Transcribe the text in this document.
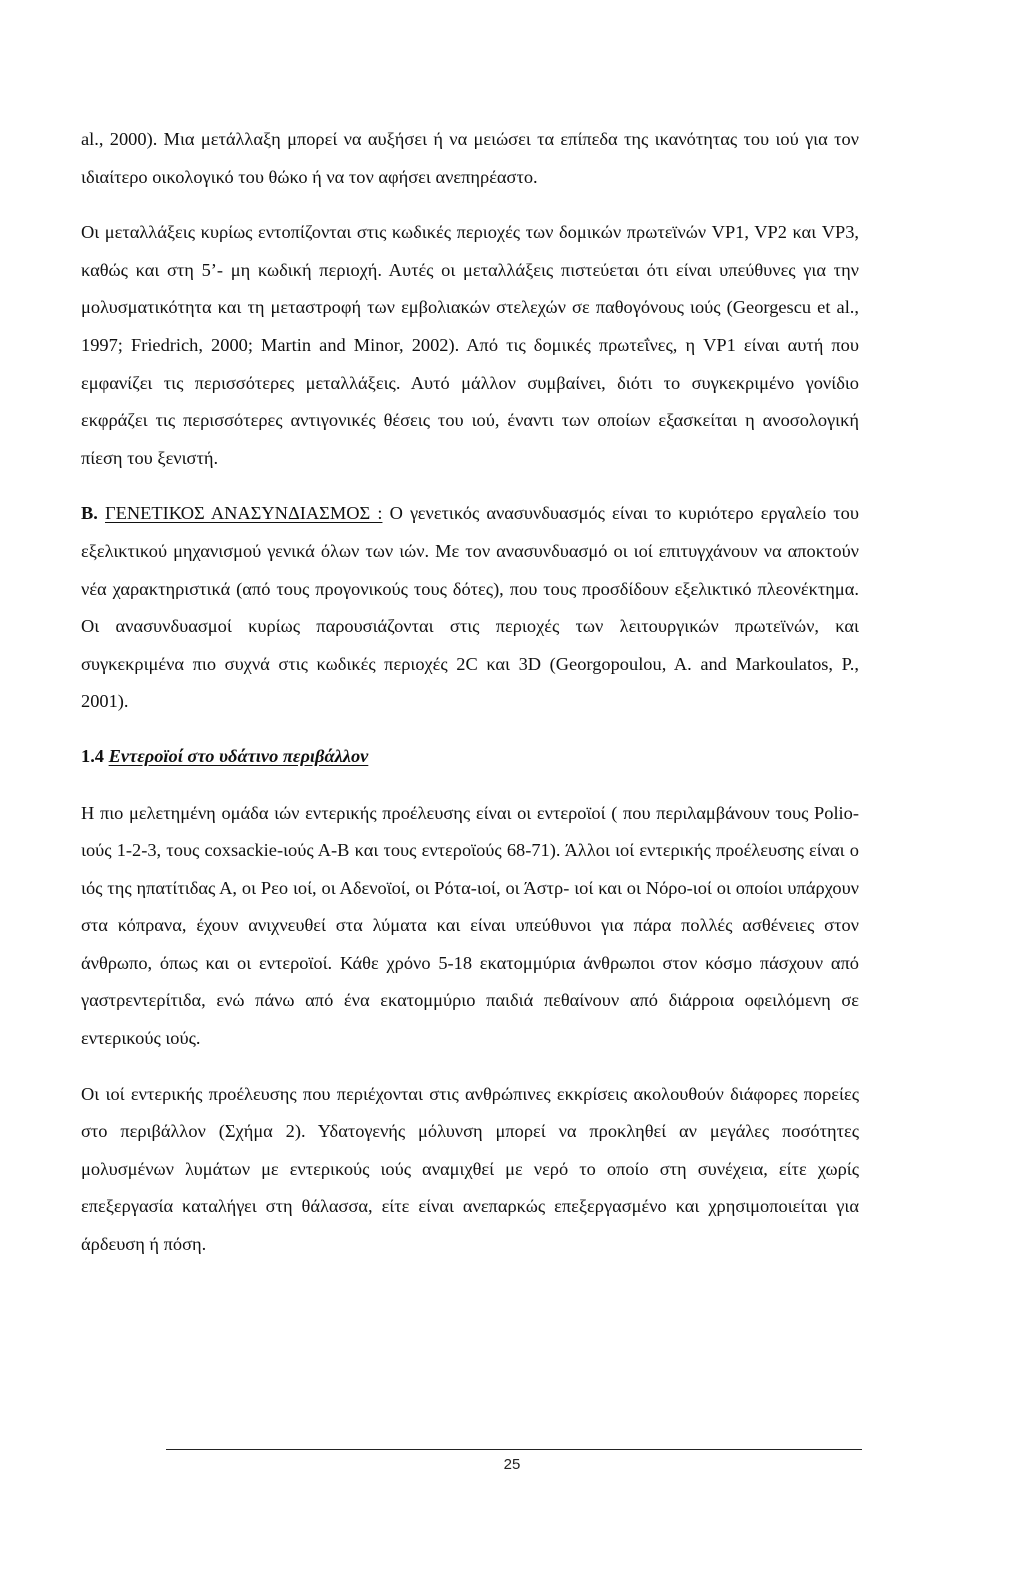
al., 2000). Μια μετάλλαξη μπορεί να αυξήσει ή να μειώσει τα επίπεδα της ικανότητας του ιού για τον ιδιαίτερο οικολογικό του θώκο ή να τον αφήσει ανεπηρέαστο.

Οι μεταλλάξεις κυρίως εντοπίζονται στις κωδικές περιοχές των δομικών πρωτεϊνών VP1, VP2 και VP3, καθώς και στη 5’- μη κωδική περιοχή. Αυτές οι μεταλλάξεις πιστεύεται ότι είναι υπεύθυνες για την μολυσματικότητα και τη μεταστροφή των εμβολιακών στελεχών σε παθογόνους ιούς (Georgescu et al., 1997; Friedrich, 2000; Martin and Minor, 2002). Από τις δομικές πρωτεΐνες, η VP1 είναι αυτή που εμφανίζει τις περισσότερες μεταλλάξεις. Αυτό μάλλον συμβαίνει, διότι το συγκεκριμένο γονίδιο εκφράζει τις περισσότερες αντιγονικές θέσεις του ιού, έναντι των οποίων εξασκείται η ανοσολογική πίεση του ξενιστή.

Β. ΓΕΝΕΤΙΚΟΣ ΑΝΑΣΥΝΔΙΑΣΜΟΣ : Ο γενετικός ανασυνδυασμός είναι το κυριότερο εργαλείο του εξελικτικού μηχανισμού γενικά όλων των ιών. Με τον ανασυνδυασμό οι ιοί επιτυγχάνουν να αποκτούν νέα χαρακτηριστικά (από τους προγονικούς τους δότες), που τους προσδίδουν εξελικτικό πλεονέκτημα. Οι ανασυνδυασμοί κυρίως παρουσιάζονται στις περιοχές των λειτουργικών πρωτεϊνών, και συγκεκριμένα πιο συχνά στις κωδικές περιοχές 2C και 3D (Georgopoulou, A. and Markoulatos, P., 2001).

1.4 Εντεροϊοί στο υδάτινο περιβάλλον

Η πιο μελετημένη ομάδα ιών εντερικής προέλευσης είναι οι εντεροϊοί ( που περιλαμβάνουν τους Polio-ιούς 1-2-3, τους coxsackie-ιούς Α-Β και τους εντεροϊούς 68-71). Άλλοι ιοί εντερικής προέλευσης είναι ο ιός της ηπατίτιδας Α, οι Ρεο ιοί, οι Αδενοϊοί, οι Ρότα-ιοί, οι Άστρ- ιοί και οι Νόρο-ιοί οι οποίοι υπάρχουν στα κόπρανα, έχουν ανιχνευθεί στα λύματα και είναι υπεύθυνοι για πάρα πολλές ασθένειες στον άνθρωπο, όπως και οι εντεροϊοί. Κάθε χρόνο 5-18 εκατομμύρια άνθρωποι στον κόσμο πάσχουν από γαστρεντερίτιδα, ενώ πάνω από ένα εκατομμύριο παιδιά πεθαίνουν από διάρροια οφειλόμενη σε εντερικούς ιούς.

Οι ιοί εντερικής προέλευσης που περιέχονται στις ανθρώπινες εκκρίσεις ακολουθούν διάφορες πορείες στο περιβάλλον (Σχήμα 2). Υδατογενής μόλυνση μπορεί να προκληθεί αν μεγάλες ποσότητες μολυσμένων λυμάτων με εντερικούς ιούς αναμιχθεί με νερό το οποίο στη συνέχεια, είτε χωρίς επεξεργασία καταλήγει στη θάλασσα, είτε είναι ανεπαρκώς επεξεργασμένο και χρησιμοποιείται για άρδευση ή πόση.

25
